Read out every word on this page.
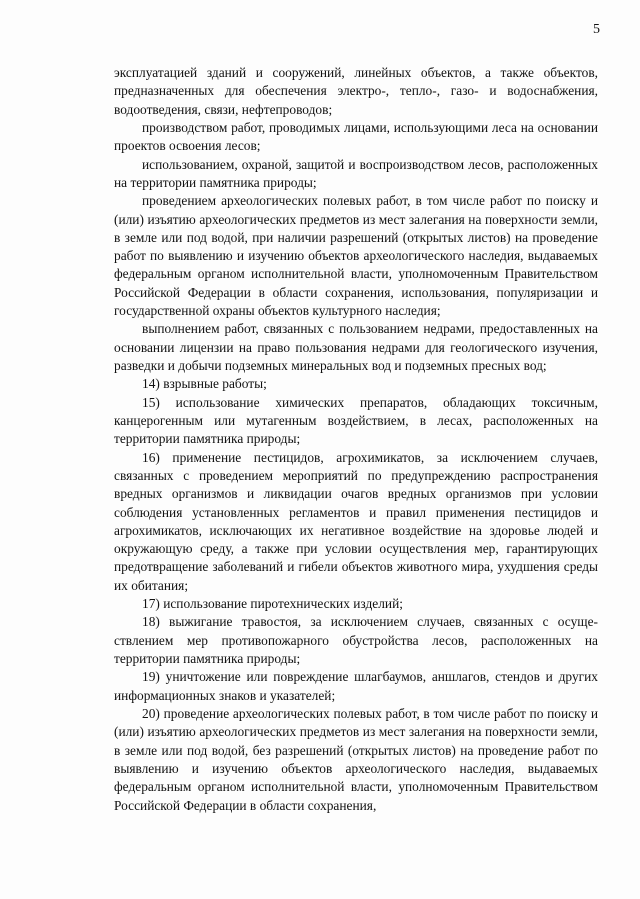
5

эксплуатацией зданий и сооружений, линейных объектов, а также объектов, предназначенных для обеспечения электро-, тепло-, газо- и водоснабжения, водоотведения, связи, нефтепроводов;

производством работ, проводимых лицами, использующими леса на основании проектов освоения лесов;

использованием, охраной, защитой и воспроизводством лесов, расположенных на территории памятника природы;

проведением археологических полевых работ, в том числе работ по поиску и (или) изъятию археологических предметов из мест залегания на поверхности земли, в земле или под водой, при наличии разрешений (открытых листов) на проведение работ по выявлению и изучению объектов археологического наследия, выдаваемых федеральным органом исполнительной власти, уполномоченным Правительством Российской Федерации в области сохранения, использования, популяризации и государственной охраны объектов культурного наследия;

выполнением работ, связанных с пользованием недрами, предоставленных на основании лицензии на право пользования недрами для геологического изучения, разведки и добычи подземных минеральных вод и подземных пресных вод;

14) взрывные работы;

15) использование химических препаратов, обладающих токсичным, канцерогенным или мутагенным воздействием, в лесах, расположенных на территории памятника природы;

16) применение пестицидов, агрохимикатов, за исключением случаев, связанных с проведением мероприятий по предупреждению распространения вредных организмов и ликвидации очагов вредных организмов при условии соблюдения установленных регламентов и правил применения пестицидов и агрохимикатов, исключающих их негативное воздействие на здоровье людей и окружающую среду, а также при условии осуществления мер, гарантирующих предотвращение заболеваний и гибели объектов животного мира, ухудшения среды их обитания;

17) использование пиротехнических изделий;

18) выжигание травостоя, за исключением случаев, связанных с осуществлением мер противопожарного обустройства лесов, расположенных на территории памятника природы;

19) уничтожение или повреждение шлагбаумов, аншлагов, стендов и других информационных знаков и указателей;

20) проведение археологических полевых работ, в том числе работ по поиску и (или) изъятию археологических предметов из мест залегания на поверхности земли, в земле или под водой, без разрешений (открытых листов) на проведение работ по выявлению и изучению объектов археологического наследия, выдаваемых федеральным органом исполнительной власти, уполномоченным Правительством Российской Федерации в области сохранения,
